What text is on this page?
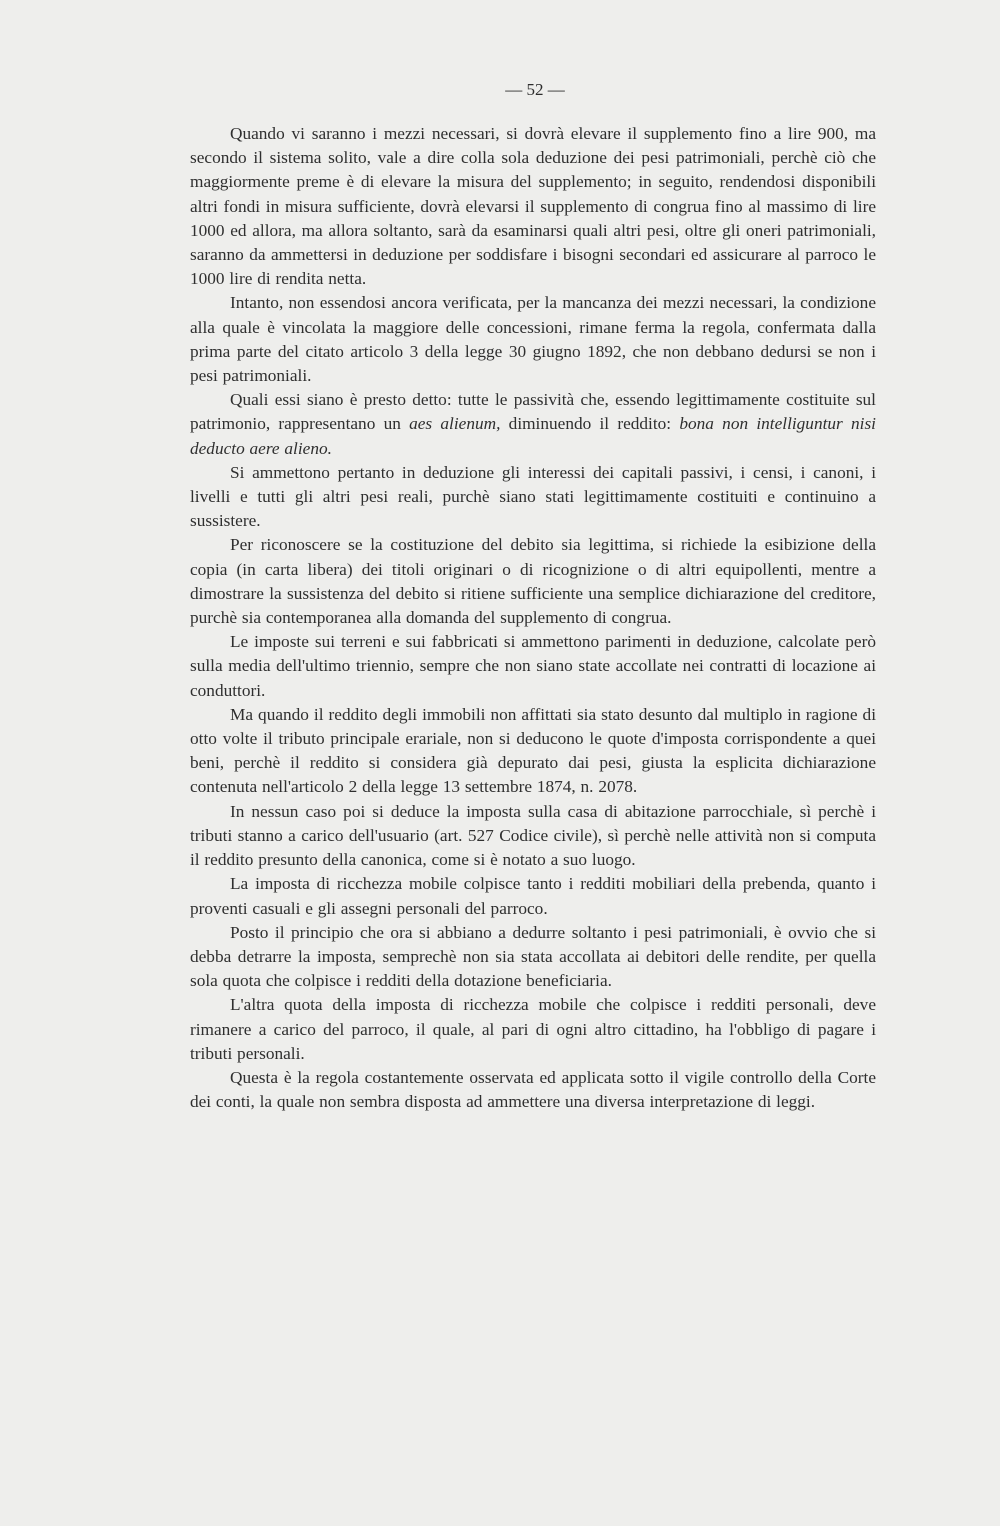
— 52 —

Quando vi saranno i mezzi necessari, si dovrà elevare il supplemento fino a lire 900, ma secondo il sistema solito, vale a dire colla sola deduzione dei pesi patrimoniali, perchè ciò che maggiormente preme è di elevare la misura del supplemento; in seguito, rendendosi disponibili altri fondi in misura sufficiente, dovrà elevarsi il supplemento di congrua fino al massimo di lire 1000 ed allora, ma allora soltanto, sarà da esaminarsi quali altri pesi, oltre gli oneri patrimoniali, saranno da ammettersi in deduzione per soddisfare i bisogni secondari ed assicurare al parroco le 1000 lire di rendita netta.

Intanto, non essendosi ancora verificata, per la mancanza dei mezzi necessari, la condizione alla quale è vincolata la maggiore delle concessioni, rimane ferma la regola, confermata dalla prima parte del citato articolo 3 della legge 30 giugno 1892, che non debbano dedursi se non i pesi patrimoniali.

Quali essi siano è presto detto: tutte le passività che, essendo legittimamente costituite sul patrimonio, rappresentano un aes alienum, diminuendo il reddito: bona non intelliguntur nisi deducto aere alieno.

Si ammettono pertanto in deduzione gli interessi dei capitali passivi, i censi, i canoni, i livelli e tutti gli altri pesi reali, purchè siano stati legittimamente costituiti e continuino a sussistere.

Per riconoscere se la costituzione del debito sia legittima, si richiede la esibizione della copia (in carta libera) dei titoli originari o di ricognizione o di altri equipollenti, mentre a dimostrare la sussistenza del debito si ritiene sufficiente una semplice dichiarazione del creditore, purchè sia contemporanea alla domanda del supplemento di congrua.

Le imposte sui terreni e sui fabbricati si ammettono parimenti in deduzione, calcolate però sulla media dell'ultimo triennio, sempre che non siano state accollate nei contratti di locazione ai conduttori.

Ma quando il reddito degli immobili non affittati sia stato desunto dal multiplo in ragione di otto volte il tributo principale erariale, non si deducono le quote d'imposta corrispondente a quei beni, perchè il reddito si considera già depurato dai pesi, giusta la esplicita dichiarazione contenuta nell'articolo 2 della legge 13 settembre 1874, n. 2078.

In nessun caso poi si deduce la imposta sulla casa di abitazione parrocchiale, sì perchè i tributi stanno a carico dell'usuario (art. 527 Codice civile), sì perchè nelle attività non si computa il reddito presunto della canonica, come si è notato a suo luogo.

La imposta di ricchezza mobile colpisce tanto i redditi mobiliari della prebenda, quanto i proventi casuali e gli assegni personali del parroco.

Posto il principio che ora si abbiano a dedurre soltanto i pesi patrimoniali, è ovvio che si debba detrarre la imposta, semprechè non sia stata accollata ai debitori delle rendite, per quella sola quota che colpisce i redditi della dotazione beneficiaria.

L'altra quota della imposta di ricchezza mobile che colpisce i redditi personali, deve rimanere a carico del parroco, il quale, al pari di ogni altro cittadino, ha l'obbligo di pagare i tributi personali.

Questa è la regola costantemente osservata ed applicata sotto il vigile controllo della Corte dei conti, la quale non sembra disposta ad ammettere una diversa interpretazione di leggi.
